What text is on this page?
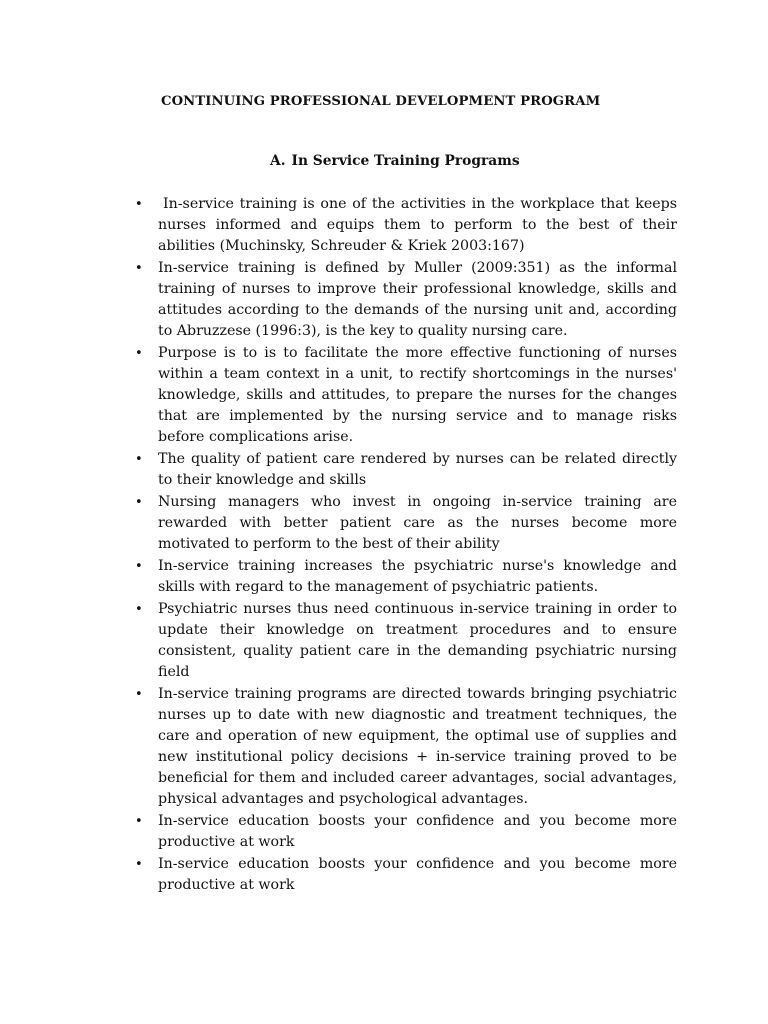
CONTINUING PROFESSIONAL DEVELOPMENT PROGRAM
A. In Service Training Programs
• In-service training is one of the activities in the workplace that keeps nurses informed and equips them to perform to the best of their abilities (Muchinsky, Schreuder & Kriek 2003:167)
• In-service training is defined by Muller (2009:351) as the informal training of nurses to improve their professional knowledge, skills and attitudes according to the demands of the nursing unit and, according to Abruzzese (1996:3), is the key to quality nursing care.
• Purpose is to is to facilitate the more effective functioning of nurses within a team context in a unit, to rectify shortcomings in the nurses' knowledge, skills and attitudes, to prepare the nurses for the changes that are implemented by the nursing service and to manage risks before complications arise.
• The quality of patient care rendered by nurses can be related directly to their knowledge and skills
• Nursing managers who invest in ongoing in-service training are rewarded with better patient care as the nurses become more motivated to perform to the best of their ability
• In-service training increases the psychiatric nurse's knowledge and skills with regard to the management of psychiatric patients.
• Psychiatric nurses thus need continuous in-service training in order to update their knowledge on treatment procedures and to ensure consistent, quality patient care in the demanding psychiatric nursing field
• In-service training programs are directed towards bringing psychiatric nurses up to date with new diagnostic and treatment techniques, the care and operation of new equipment, the optimal use of supplies and new institutional policy decisions + in-service training proved to be beneficial for them and included career advantages, social advantages, physical advantages and psychological advantages.
• In-service education boosts your confidence and you become more productive at work
• In-service education boosts your confidence and you become more productive at work
